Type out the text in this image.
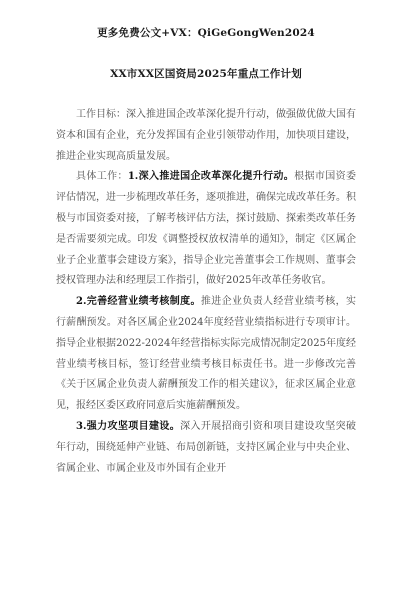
更多免费公文+VX：QiGeGongWen2024
XX市XX区国资局2025年重点工作计划

工作目标：深入推进国企改革深化提升行动，做强做优做大国有资本和国有企业，充分发挥国有企业引领带动作用，加快项目建设，推进企业实现高质量发展。

具体工作：1.深入推进国企改革深化提升行动。根据市国资委评估情况，进一步梳理改革任务，逐项推进，确保完成改革任务。积极与市国资委对接，了解考核评估方法，探讨鼓励、探索类改革任务是否需要须完成。印发《调整授权放权清单的通知》，制定《区属企业子企业董事会建设方案》，指导企业完善董事会工作规则、董事会授权管理办法和经理层工作指引，做好2025年改革任务收官。

2.完善经营业绩考核制度。推进企业负责人经营业绩考核，实行薪酬预发。对各区属企业2024年度经营业绩指标进行专项审计。指导企业根据2022-2024年经营指标实际完成情况制定2025年度经营业绩考核目标，签订经营业绩考核目标责任书。进一步修改完善《关于区属企业负责人薪酬预发工作的相关建议》，征求区属企业意见，报经区委区政府同意后实施薪酬预发。

3.强力攻坚项目建设。深入开展招商引资和项目建设攻坚突破年行动，围绕延伸产业链、布局创新链，支持区属企业与中央企业、省属企业、市属企业及市外国有企业开
